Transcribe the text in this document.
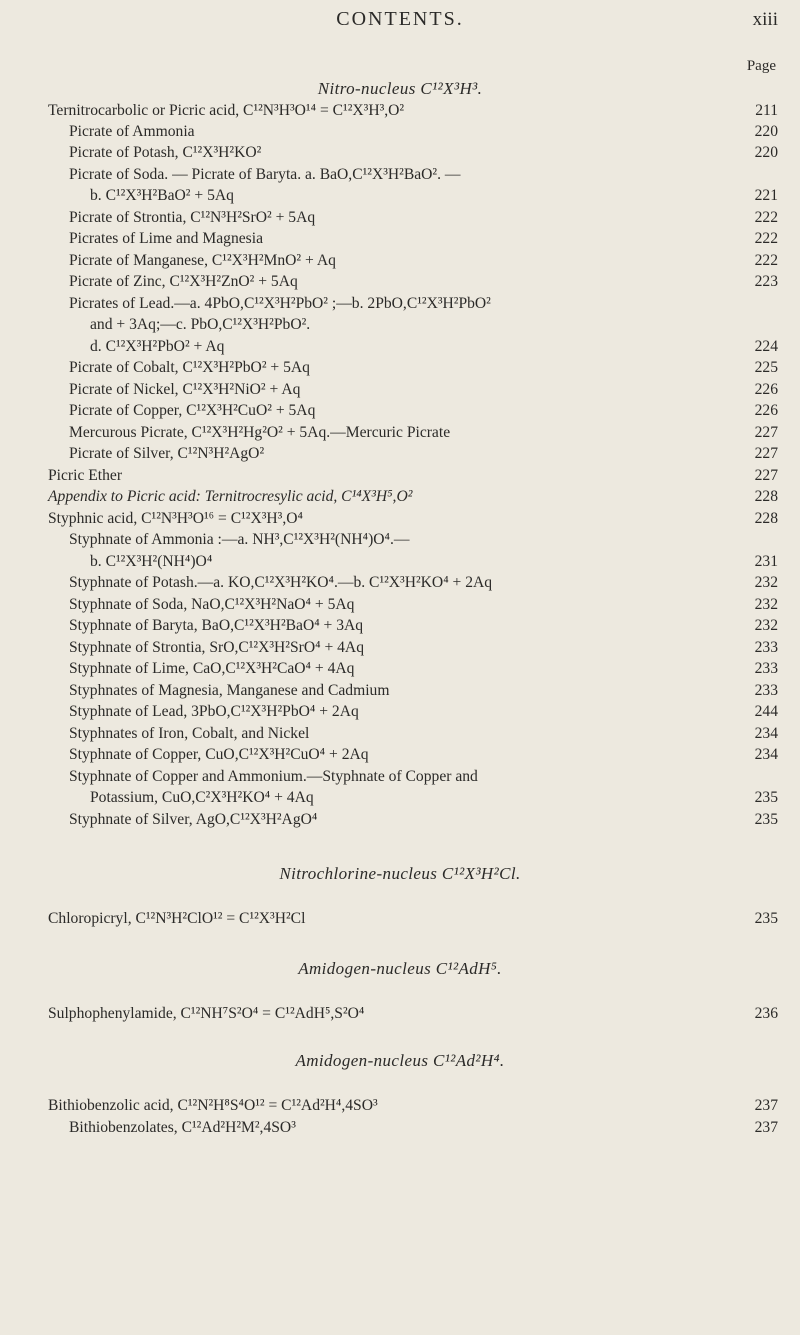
CONTENTS.	xiii
Page
Nitro-nucleus C¹²X³H³.
Ternitrocarbolic or Picric acid, C¹²N³H³O¹⁴ = C¹²X³H³,O²	211
Picrate of Ammonia	220
Picrate of Potash, C¹²X³H²KO²	220
Picrate of Soda. — Picrate of Baryta. a. BaO,C¹²X³H²BaO². —
b. C¹²X³H²BaO² + 5Aq	221
Picrate of Strontia, C¹²N³H²SrO² + 5Aq	222
Picrates of Lime and Magnesia	222
Picrate of Manganese, C¹²X³H²MnO² + Aq	222
Picrate of Zinc, C¹²X³H²ZnO² + 5Aq	223
Picrates of Lead.—a. 4PbO,C¹²X³H²PbO² ;—b. 2PbO,C¹²X³H²PbO²
and + 3Aq;—c. PbO,C¹²X³H²PbO².
d. C¹²X³H²PbO² + Aq	224
Picrate of Cobalt, C¹²X³H²PbO² + 5Aq	225
Picrate of Nickel, C¹²X³H²NiO² + Aq	226
Picrate of Copper, C¹²X³H²CuO² + 5Aq	226
Mercurous Picrate, C¹²X³H²Hg²O² + 5Aq.—Mercuric Picrate	227
Picrate of Silver, C¹²N³H²AgO²	227
Picric Ether	227
Appendix to Picric acid: Ternitrocresylic acid, C¹⁴X³H⁵,O²	228
Styphnic acid, C¹²N³H³O¹⁶ = C¹²X³H³,O⁴	228
Styphnate of Ammonia :—a. NH³,C¹²X³H²(NH⁴)O⁴.—
b. C¹²X³H²(NH⁴)O⁴	231
Styphnate of Potash.—a. KO,C¹²X³H²KO⁴.—b. C¹²X³H²KO⁴ + 2Aq	232
Styphnate of Soda, NaO,C¹²X³H²NaO⁴ + 5Aq	232
Styphnate of Baryta, BaO,C¹²X³H²BaO⁴ + 3Aq	232
Styphnate of Strontia, SrO,C¹²X³H²SrO⁴ + 4Aq	233
Styphnate of Lime, CaO,C¹²X³H²CaO⁴ + 4Aq	233
Styphnates of Magnesia, Manganese and Cadmium	233
Styphnate of Lead, 3PbO,C¹²X³H²PbO⁴ + 2Aq	244
Styphnates of Iron, Cobalt, and Nickel	234
Styphnate of Copper, CuO,C¹²X³H²CuO⁴ + 2Aq	234
Styphnate of Copper and Ammonium.—Styphnate of Copper and
Potassium, CuO,C²X³H²KO⁴ + 4Aq	235
Styphnate of Silver, AgO,C¹²X³H²AgO⁴	235
Nitrochlorine-nucleus C¹²X³H²Cl.
Chloropicryl, C¹²N³H²ClO¹² = C¹²X³H²Cl	235
Amidogen-nucleus C¹²AdH⁵.
Sulphophenylamide, C¹²NH⁷S²O⁴ = C¹²AdH⁵,S²O⁴	236
Amidogen-nucleus C¹²Ad²H⁴.
Bithiobenzolic acid, C¹²N²H⁸S⁴O¹² = C¹²Ad²H⁴,4SO³	237
Bithiobenzolates, C¹²Ad²H²M²,4SO³	237
